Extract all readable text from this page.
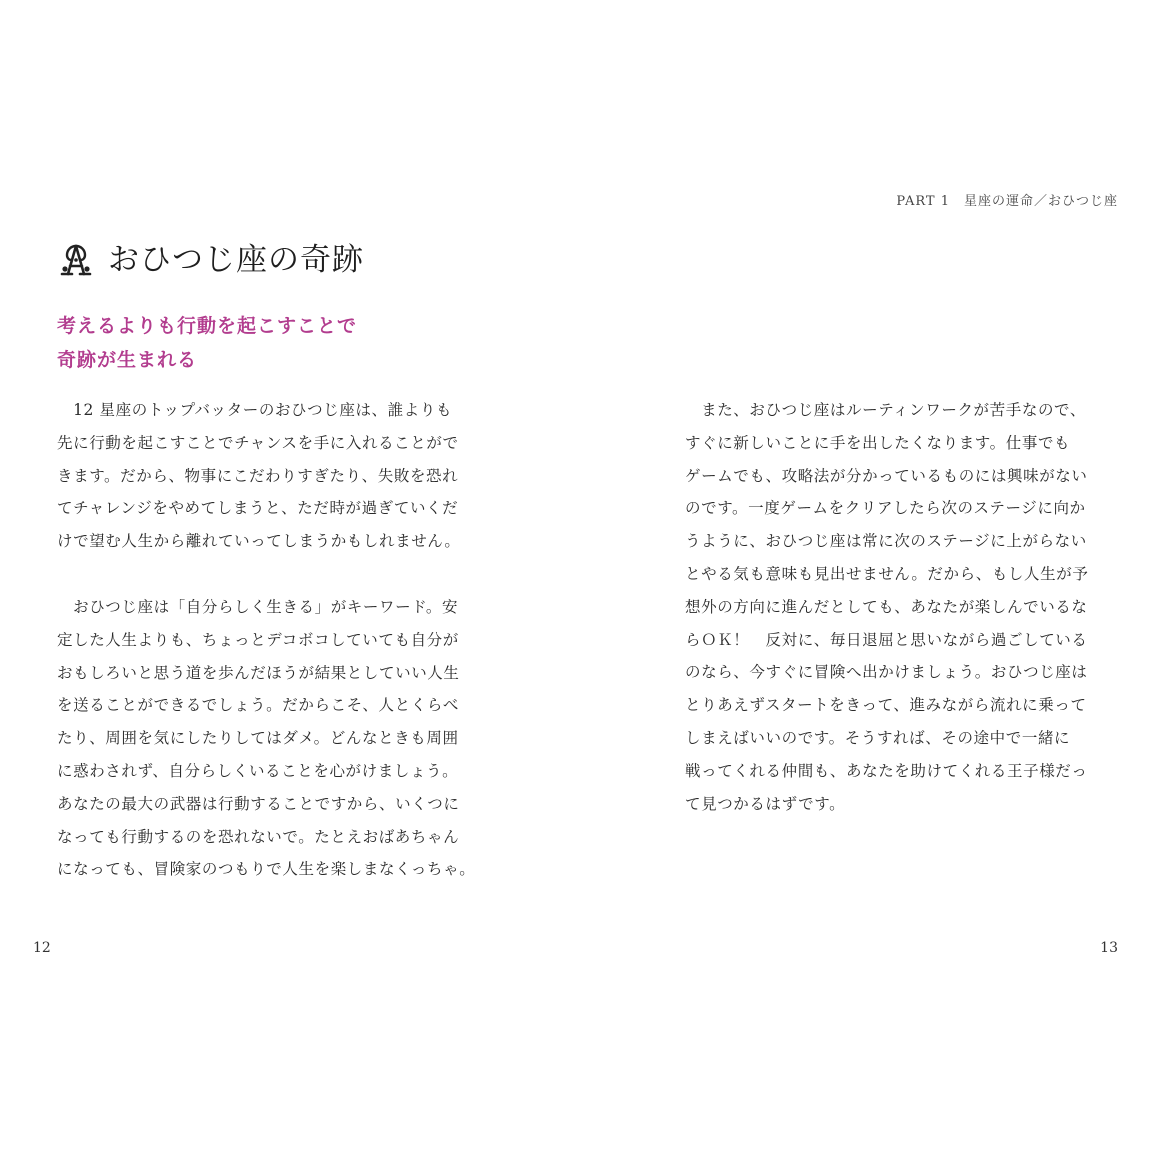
おひつじ座の奇跡
考えるよりも行動を起こすことで
奇跡が生まれる
　12 星座のトップバッターのおひつじ座は、誰よりも
先に行動を起こすことでチャンスを手に入れることがで
きます。だから、物事にこだわりすぎたり、失敗を恐れ
てチャレンジをやめてしまうと、ただ時が過ぎていくだ
けで望む人生から離れていってしまうかもしれません。
　おひつじ座は「自分らしく生きる」がキーワード。安
定した人生よりも、ちょっとデコボコしていても自分が
おもしろいと思う道を歩んだほうが結果としていい人生
を送ることができるでしょう。だからこそ、人とくらべ
たり、周囲を気にしたりしてはダメ。どんなときも周囲
に惑わされず、自分らしくいることを心がけましょう。
あなたの最大の武器は行動することですから、いくつに
なっても行動するのを恐れないで。たとえおばあちゃん
になっても、冒険家のつもりで人生を楽しまなくっちゃ。
12
PART 1　星座の運命／おひつじ座
　また、おひつじ座はルーティンワークが苦手なので、
すぐに新しいことに手を出したくなります。仕事でも
ゲームでも、攻略法が分かっているものには興味がない
のです。一度ゲームをクリアしたら次のステージに向か
うように、おひつじ座は常に次のステージに上がらない
とやる気も意味も見出せません。だから、もし人生が予
想外の方向に進んだとしても、あなたが楽しんでいるな
らＯＫ！　反対に、毎日退屈と思いながら過ごしている
のなら、今すぐに冒険へ出かけましょう。おひつじ座は
とりあえずスタートをきって、進みながら流れに乗って
しまえばいいのです。そうすれば、その途中で一緒に
戦ってくれる仲間も、あなたを助けてくれる王子様だっ
て見つかるはずです。
13
